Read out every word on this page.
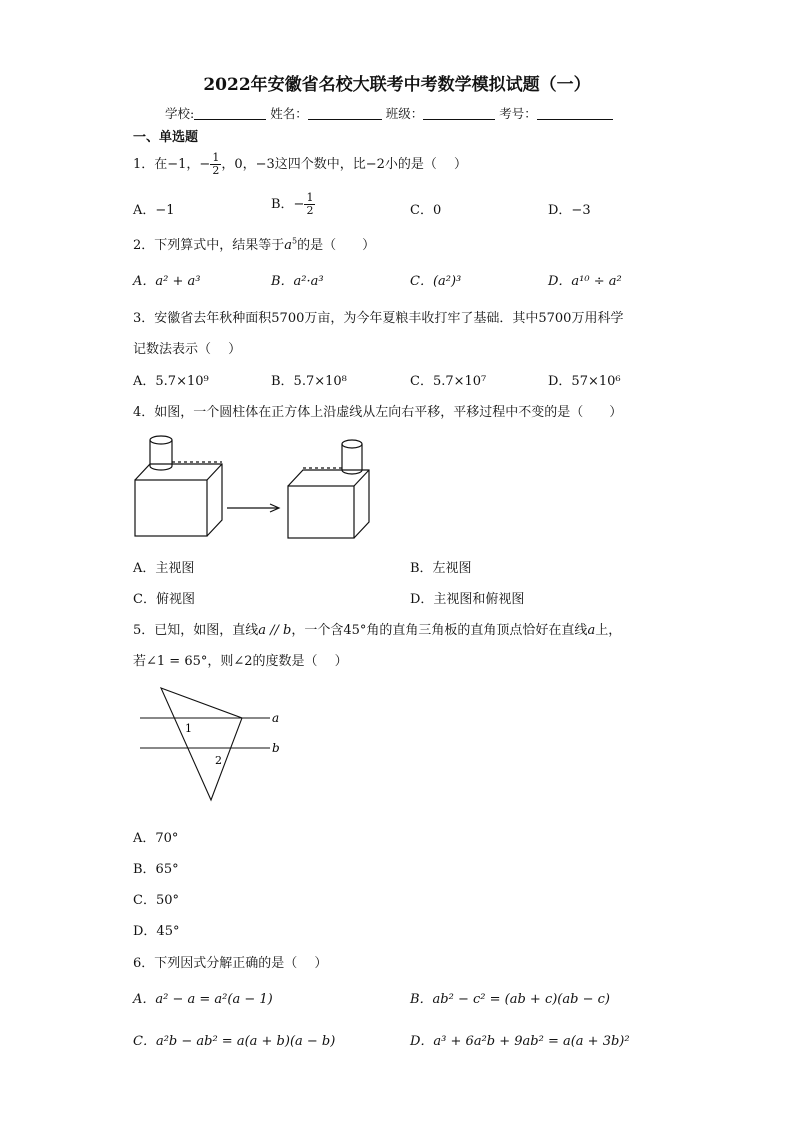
2022年安徽省名校大联考中考数学模拟试题（一）
学校:	姓名：	班级：	考号：
一、单选题
1．在−1，− $\frac{1}{2}$ ，0，−3这四个数中，比−2小的是（　 ）
A．−1	B．− $\frac{1}{2}$	C．0	D．−3
2．下列算式中，结果等于$a^5$的是（　　）
A．a² + a³	B．a²·a³	C．(a²)³	D．a¹⁰ ÷ a²
3．安徽省去年秋种面积5700万亩，为今年夏粮丰收打牢了基础．其中5700万用科学
记数法表示（　 ）
A．5.7×10⁹	B．5.7×10⁸	C．5.7×10⁷	D．57×10⁶
4．如图，一个圆柱体在正方体上沿虚线从左向右平移，平移过程中不变的是（　　）
A．主视图	B．左视图
C．俯视图	D．主视图和俯视图
5．已知，如图，直线a // b，一个含45°角的直角三角板的直角顶点恰好在直线a上，
若∠1 = 65°，则∠2的度数是（　 ）
a
b
1
2
A．70°
B．65°
C．50°
D．45°
6．下列因式分解正确的是（　 ）
A．a² − a = a²(a − 1)	B．ab² − c² = (ab + c)(ab − c)
C．a²b − ab² = a(a + b)(a − b)	D．a³ + 6a²b + 9ab² = a(a + 3b)²
